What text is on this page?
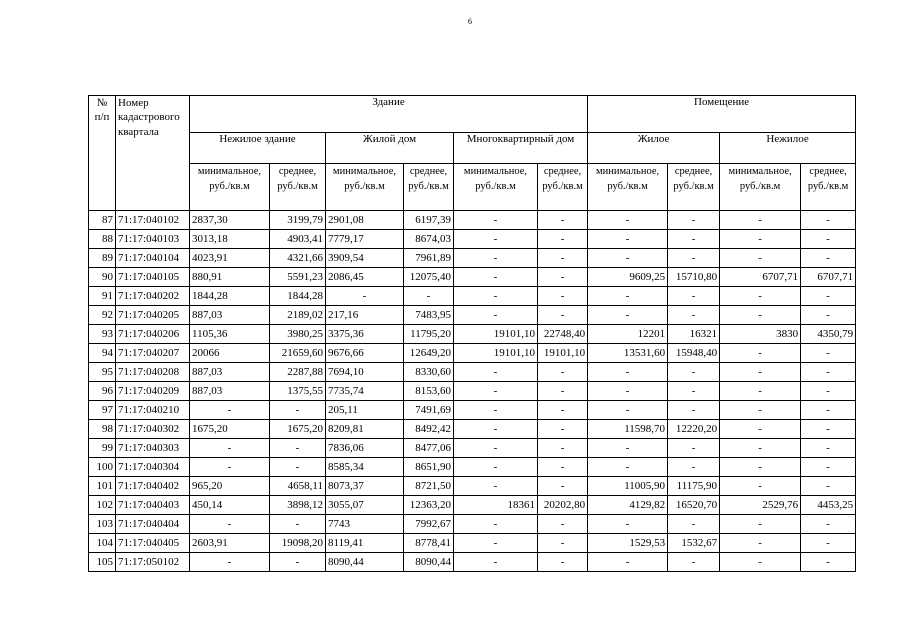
6
№ п/п	Номер кадастрового квартала	Здание						Помещение			
		Нежилое здание		Жилой дом		Многоквартирный дом		Жилое		Нежилое	
		минимальное, руб./кв.м	среднее, руб./кв.м	минимальное, руб./кв.м	среднее, руб./кв.м	минимальное, руб./кв.м	среднее, руб./кв.м	минимальное, руб./кв.м	среднее, руб./кв.м	минимальное, руб./кв.м	среднее, руб./кв.м
87	71:17:040102	2837,30	3199,79	2901,08	6197,39	-	-	-	-	-	-
88	71:17:040103	3013,18	4903,41	7779,17	8674,03	-	-	-	-	-	-
89	71:17:040104	4023,91	4321,66	3909,54	7961,89	-	-	-	-	-	-
90	71:17:040105	880,91	5591,23	2086,45	12075,40	-	-	9609,25	15710,80	6707,71	6707,71
91	71:17:040202	1844,28	1844,28	-	-	-	-	-	-	-	-
92	71:17:040205	887,03	2189,02	217,16	7483,95	-	-	-	-	-	-
93	71:17:040206	1105,36	3980,25	3375,36	11795,20	19101,10	22748,40	12201	16321	3830	4350,79
94	71:17:040207	20066	21659,60	9676,66	12649,20	19101,10	19101,10	13531,60	15948,40	-	-
95	71:17:040208	887,03	2287,88	7694,10	8330,60	-	-	-	-	-	-
96	71:17:040209	887,03	1375,55	7735,74	8153,60	-	-	-	-	-	-
97	71:17:040210	-	-	205,11	7491,69	-	-	-	-	-	-
98	71:17:040302	1675,20	1675,20	8209,81	8492,42	-	-	11598,70	12220,20	-	-
99	71:17:040303	-	-	7836,06	8477,06	-	-	-	-	-	-
100	71:17:040304	-	-	8585,34	8651,90	-	-	-	-	-	-
101	71:17:040402	965,20	4658,11	8073,37	8721,50	-	-	11005,90	11175,90	-	-
102	71:17:040403	450,14	3898,12	3055,07	12363,20	18361	20202,80	4129,82	16520,70	2529,76	4453,25
103	71:17:040404	-	-	7743	7992,67	-	-	-	-	-	-
104	71:17:040405	2603,91	19098,20	8119,41	8778,41	-	-	1529,53	1532,67	-	-
105	71:17:050102	-	-	8090,44	8090,44	-	-	-	-	-	-
